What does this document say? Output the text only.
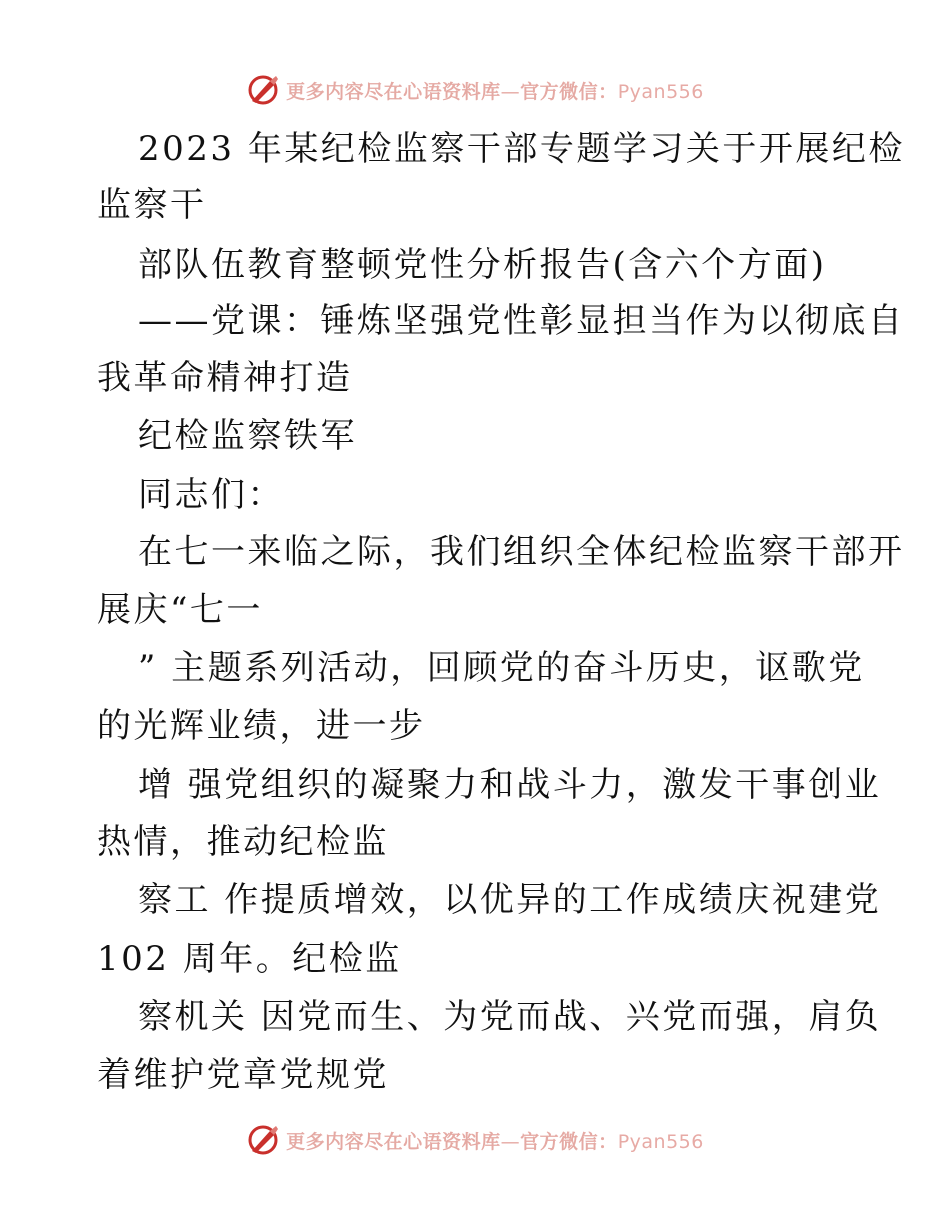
更多内容尽在心语资料库—官方微信：Pyan556

2023 年某纪检监察干部专题学习关于开展纪检

监察干

部队伍教育整顿党性分析报告(含六个方面)

——党课：锤炼坚强党性彰显担当作为以彻底自

我革命精神打造

纪检监察铁军

同志们：

在七一来临之际，我们组织全体纪检监察干部开

展庆“七一

” 主题系列活动，回顾党的奋斗历史，讴歌党

的光辉业绩，进一步

增 强党组织的凝聚力和战斗力，激发干事创业

热情，推动纪检监

察工 作提质增效，以优异的工作成绩庆祝建党

102 周年。纪检监

察机关 因党而生、为党而战、兴党而强，肩负

着维护党章党规党

更多内容尽在心语资料库—官方微信：Pyan556
